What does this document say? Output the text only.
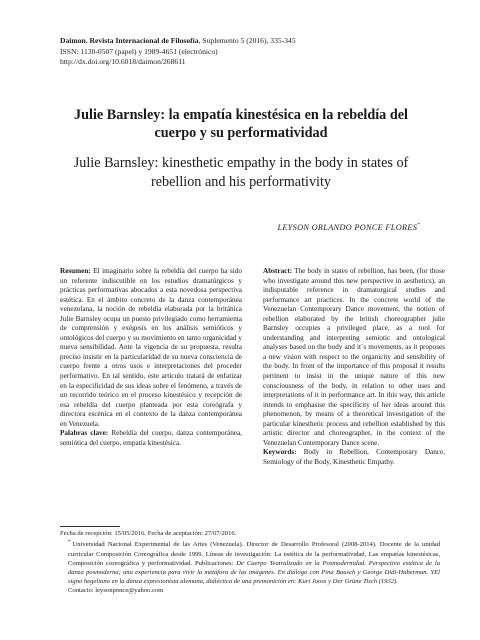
Daimon. Revista Internacional de Filosofía, Suplemento 5 (2016), 335-345
ISSN: 1130-0507 (papel) y 1989-4651 (electrónico)
http://dx.doi.org/10.6018/daimon/268611
Julie Barnsley: la empatía kinestésica en la rebeldía del
cuerpo y su performatividad
Julie Barnsley: kinesthetic empathy in the body in states of
rebellion and his performativity
LEYSON ORLANDO PONCE FLORES*

Resumen: El imaginario sobre la rebeldía del cuerpo ha sido un referente indiscutible en los estudios dramatúrgicos y prácticas performativas abocados a esta novedosa perspectiva estética. En el ámbito concreto de la danza contemporánea venezolana, la noción de rebeldía elaborada por la británica Julie Barnsley ocupa un puesto privilegiado como herramienta de comprensión y exégesis en los análisis semióticos y ontológicos del cuerpo y su movimiento en tanto organicidad y nueva sensibilidad. Ante la vigencia de su propuesta, resulta preciso insistir en la particularidad de su nueva consciencia de cuerpo frente a otros usos e interpretaciones del proceder performativo. En tal sentido, este artículo tratará de enfatizar en la especificidad de sus ideas sobre el fenómeno, a través de un recorrido teórico en el proceso kinestésico y recepción de esa rebeldía del cuerpo planteada por esta coreógrafa y directora escénica en el contexto de la danza contemporánea en Venezuela.

Palabras clave: Rebeldía del cuerpo, danza contemporánea, semiótica del cuerpo, empatía kinestésica.

Abstract: The body in states of rebellion, has been, (for those who investigate around this new perspective in aesthetics), an indisputable reference in dramaturgical studies and performance art practices. In the concrete world of the Venezuelan Contemporary Dance movement, the notion of rebellion elaborated by the british choreographer julie Barnsley occupies a privileged place, as a tool for understanding and interpreting semiotic and ontological analyses based on the body and it´s movements, as it proposes a new vision with respect to the organicity and sensibility of the body. In front of the importance of this proposal it results pertinent to insist in the unique nature of this new consciousness of the body, in relation to other uses and interpretations of it in performance art. In this way, this article intends to emphasise the specificity of her ideas around this phenomenon, by means of a theoretical investigation of the particular kinesthetic process and rebellion established by this artistic director and choreographer, in the context of the Venezuelan Contemporary Dance scene.

Keywords: Body in Rebellion, Contemporary Dance, Semiology of the Body, Kinesthetic Empathy.

Fecha de recepción: 15/05/2016. Fecha de aceptación: 27/07/2016.

* Universidad Nacional Experimental de las Artes (Venezuela). Director de Desarrollo Profesoral (2008-2014). Docente de la unidad curricular Composición Coreográfica desde 1999. Líneas de investigación: La estética de la performatividad, Las empatías kinestésicas, Composición coreográfica y performatividad. Publicaciones: De Cuerpo Teatralizado en la Posmodernidad. Perspectiva estética de la danza posmoderna; una experiencia para vivir la metáfora de las imágenes. En diálogo con Pina Bausch y George Didi-Huberman. YEl signo hegeliano en la danza expresionista alemana, dialéctica de una premonición en: Kurt Jooss y Der Grüne Tisch (1932).

Contacto: leysonponce@yahoo.com
